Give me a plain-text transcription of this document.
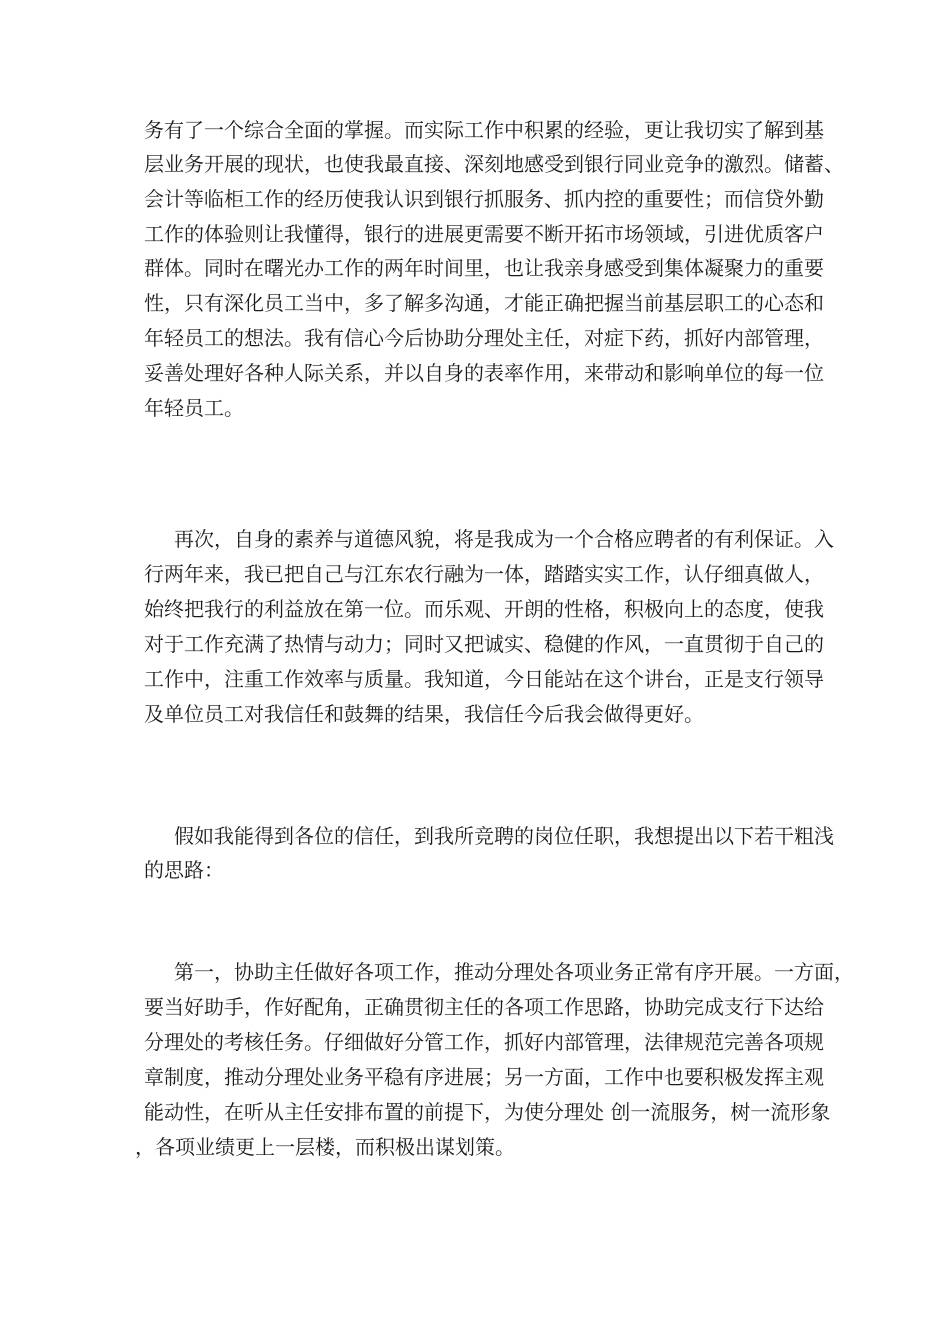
务有了一个综合全面的掌握。而实际工作中积累的经验，更让我切实了解到基
层业务开展的现状，也使我最直接、深刻地感受到银行同业竞争的激烈。储蓄、
会计等临柜工作的经历使我认识到银行抓服务、抓内控的重要性；而信贷外勤
工作的体验则让我懂得，银行的进展更需要不断开拓市场领域，引进优质客户
群体。同时在曙光办工作的两年时间里，也让我亲身感受到集体凝聚力的重要
性，只有深化员工当中，多了解多沟通，才能正确把握当前基层职工的心态和
年轻员工的想法。我有信心今后协助分理处主任，对症下药，抓好内部管理，
妥善处理好各种人际关系，并以自身的表率作用，来带动和影响单位的每一位
年轻员工。
再次，自身的素养与道德风貌，将是我成为一个合格应聘者的有利保证。入
行两年来，我已把自己与江东农行融为一体，踏踏实实工作，认仔细真做人，
始终把我行的利益放在第一位。而乐观、开朗的性格，积极向上的态度，使我
对于工作充满了热情与动力；同时又把诚实、稳健的作风，一直贯彻于自己的
工作中，注重工作效率与质量。我知道，今日能站在这个讲台，正是支行领导
及单位员工对我信任和鼓舞的结果，我信任今后我会做得更好。
假如我能得到各位的信任，到我所竞聘的岗位任职，我想提出以下若干粗浅
的思路：
第一，协助主任做好各项工作，推动分理处各项业务正常有序开展。一方面，
要当好助手，作好配角，正确贯彻主任的各项工作思路，协助完成支行下达给
分理处的考核任务。仔细做好分管工作，抓好内部管理，法律规范完善各项规
章制度，推动分理处业务平稳有序进展；另一方面，工作中也要积极发挥主观
能动性，在听从主任安排布置的前提下，为使分理处 创一流服务，树一流形象
，各项业绩更上一层楼，而积极出谋划策。
